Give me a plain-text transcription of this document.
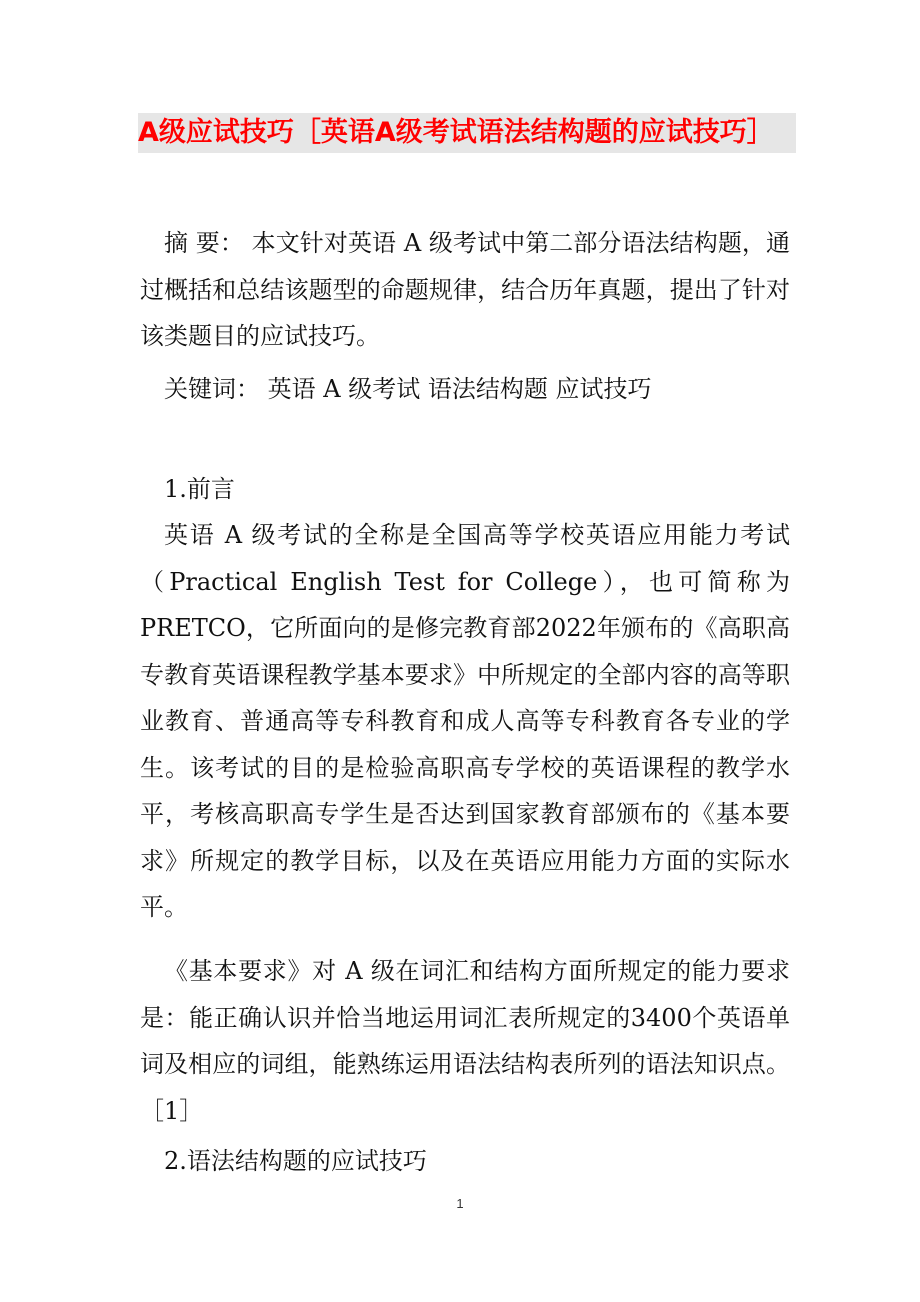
A级应试技巧［英语A级考试语法结构题的应试技巧］

摘 要： 本文针对英语 A 级考试中第二部分语法结构题，通过概括和总结该题型的命题规律，结合历年真题，提出了针对该类题目的应试技巧。

关键词： 英语 A 级考试 语法结构题 应试技巧
1.前言

英语 A 级考试的全称是全国高等学校英语应用能力考试（Practical English Test for College），也可简称为PRETCO，它所面向的是修完教育部2022年颁布的《高职高专教育英语课程教学基本要求》中所规定的全部内容的高等职业教育、普通高等专科教育和成人高等专科教育各专业的学生。该考试的目的是检验高职高专学校的英语课程的教学水平，考核高职高专学生是否达到国家教育部颁布的《基本要求》所规定的教学目标，以及在英语应用能力方面的实际水平。

《基本要求》对 A 级在词汇和结构方面所规定的能力要求是：能正确认识并恰当地运用词汇表所规定的3400个英语单词及相应的词组，能熟练运用语法结构表所列的语法知识点。［1］

2.语法结构题的应试技巧
1
